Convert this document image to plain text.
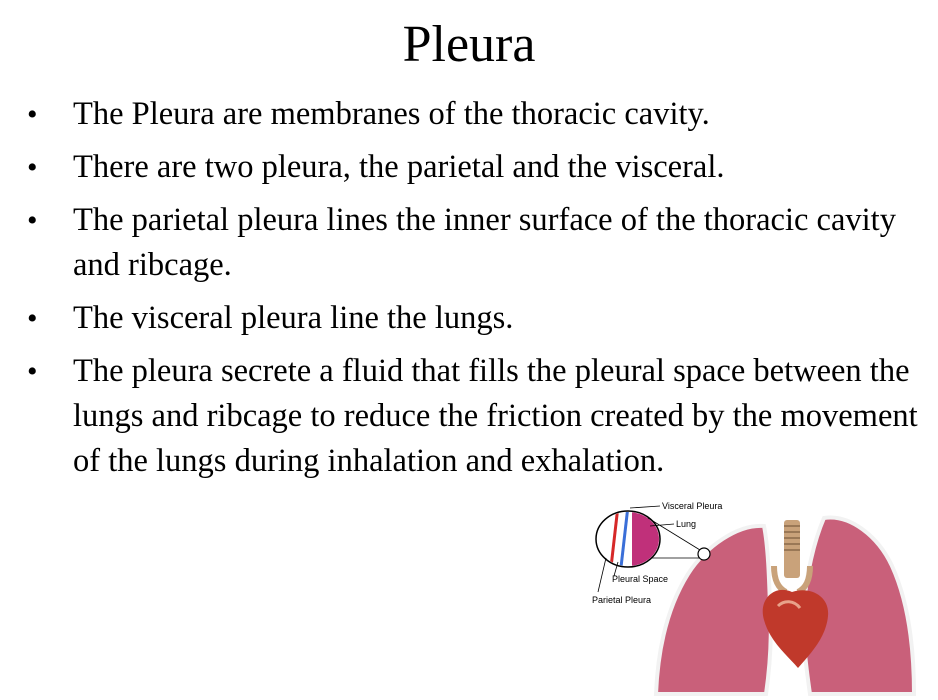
Pleura
• The Pleura are membranes of the thoracic cavity.
• There are two pleura, the parietal and the visceral.
• The parietal pleura lines the inner surface of the thoracic cavity and ribcage.
• The visceral pleura line the lungs.
• The pleura secrete a fluid that fills the pleural space between the lungs and ribcage to reduce the friction created by the movement of the lungs during inhalation and exhalation.
Visceral Pleura
Lung
Pleural Space
Parietal Pleura
